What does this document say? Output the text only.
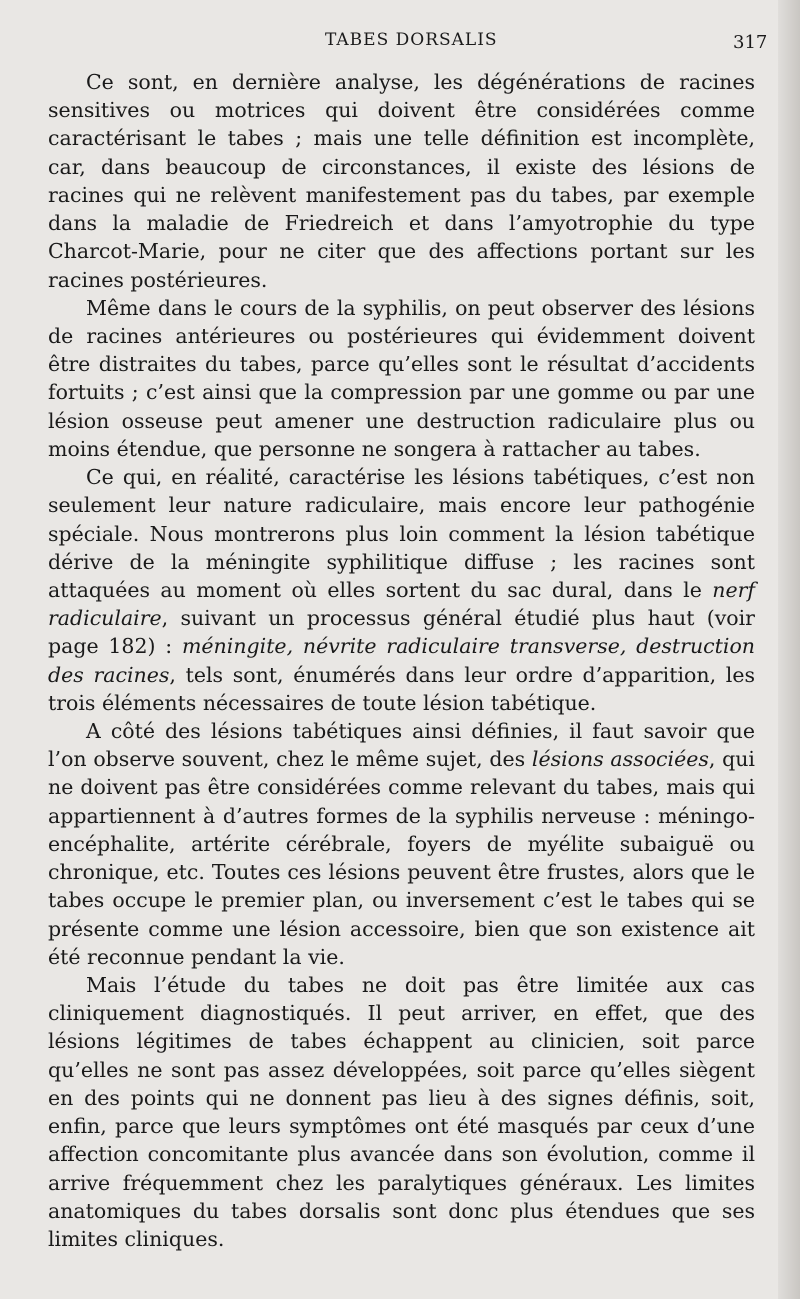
TABES DORSALIS	317

Ce sont, en dernière analyse, les dégénérations de racines sensitives ou motrices qui doivent être considérées comme caractérisant le tabes ; mais une telle définition est incomplète, car, dans beaucoup de circonstances, il existe des lésions de racines qui ne relèvent manifestement pas du tabes, par exemple dans la maladie de Friedreich et dans l’amyotrophie du type Charcot-Marie, pour ne citer que des affections portant sur les racines postérieures.

Même dans le cours de la syphilis, on peut observer des lésions de racines antérieures ou postérieures qui évidemment doivent être distraites du tabes, parce qu’elles sont le résultat d’accidents fortuits ; c’est ainsi que la compression par une gomme ou par une lésion osseuse peut amener une destruction radiculaire plus ou moins étendue, que personne ne songera à rattacher au tabes.

Ce qui, en réalité, caractérise les lésions tabétiques, c’est non seulement leur nature radiculaire, mais encore leur pathogénie spéciale. Nous montrerons plus loin comment la lésion tabétique dérive de la méningite syphilitique diffuse ; les racines sont attaquées au moment où elles sortent du sac dural, dans le nerf radiculaire, suivant un processus général étudié plus haut (voir page 182) : méningite, névrite radiculaire transverse, destruction des racines, tels sont, énumérés dans leur ordre d’apparition, les trois éléments nécessaires de toute lésion tabétique.

A côté des lésions tabétiques ainsi définies, il faut savoir que l’on observe souvent, chez le même sujet, des lésions associées, qui ne doivent pas être considérées comme relevant du tabes, mais qui appartiennent à d’autres formes de la syphilis nerveuse : méningo-encéphalite, artérite cérébrale, foyers de myélite subaiguë ou chronique, etc. Toutes ces lésions peuvent être frustes, alors que le tabes occupe le premier plan, ou inversement c’est le tabes qui se présente comme une lésion accessoire, bien que son existence ait été reconnue pendant la vie.

Mais l’étude du tabes ne doit pas être limitée aux cas cliniquement diagnostiqués. Il peut arriver, en effet, que des lésions légitimes de tabes échappent au clinicien, soit parce qu’elles ne sont pas assez développées, soit parce qu’elles siègent en des points qui ne donnent pas lieu à des signes définis, soit, enfin, parce que leurs symptômes ont été masqués par ceux d’une affection concomitante plus avancée dans son évolution, comme il arrive fréquemment chez les paralytiques généraux. Les limites anatomiques du tabes dorsalis sont donc plus étendues que ses limites cliniques.
